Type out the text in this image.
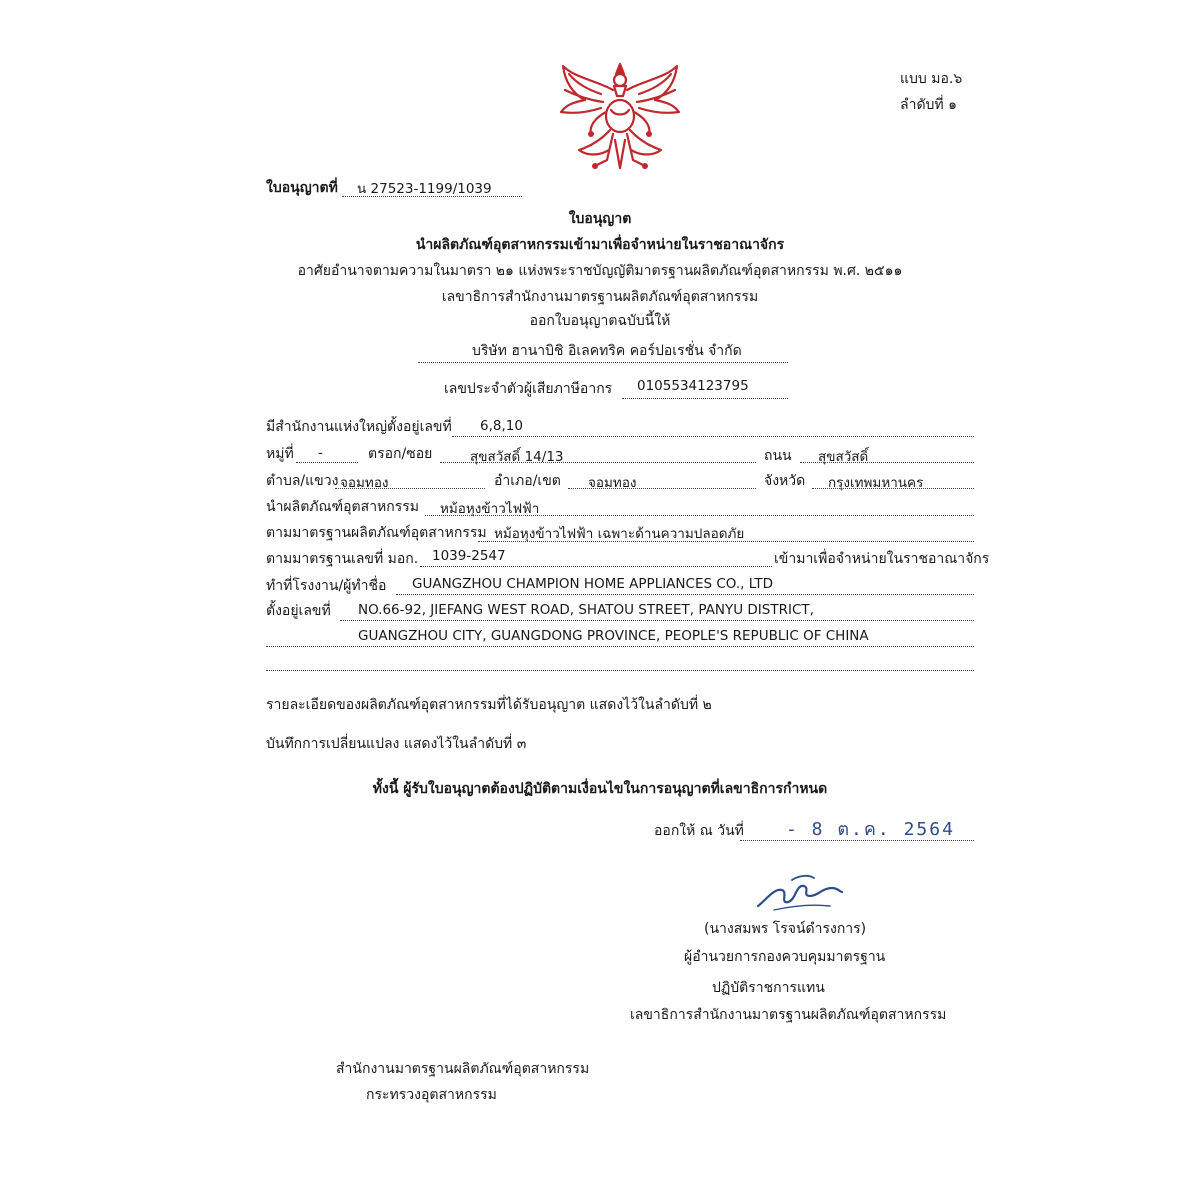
แบบ มอ.๖
ลำดับที่ ๑
ใบอนุญาตที่ น 27523-1199/1039
ใบอนุญาต
นำผลิตภัณฑ์อุตสาหกรรมเข้ามาเพื่อจำหน่ายในราชอาณาจักร
อาศัยอำนาจตามความในมาตรา ๒๑ แห่งพระราชบัญญัติมาตรฐานผลิตภัณฑ์อุตสาหกรรม พ.ศ. ๒๕๑๑
เลขาธิการสำนักงานมาตรฐานผลิตภัณฑ์อุตสาหกรรม
ออกใบอนุญาตฉบับนี้ให้
บริษัท ฮานาบิชิ อิเลคทริค คอร์ปอเรชั่น จำกัด
เลขประจำตัวผู้เสียภาษีอากร 0105534123795
มีสำนักงานแห่งใหญ่ตั้งอยู่เลขที่ 6,8,10
หมู่ที่ -	ตรอก/ซอย	สุขสวัสดิ์ 14/13	ถนน สุขสวัสดิ์
ตำบล/แขวง จอมทอง	อำเภอ/เขต จอมทอง	จังหวัด กรุงเทพมหานคร
นำผลิตภัณฑ์อุตสาหกรรม หม้อหุงข้าวไฟฟ้า
ตามมาตรฐานผลิตภัณฑ์อุตสาหกรรม หม้อหุงข้าวไฟฟ้า เฉพาะด้านความปลอดภัย
ตามมาตรฐานเลขที่ มอก. 1039-2547	เข้ามาเพื่อจำหน่ายในราชอาณาจักร
ทำที่โรงงาน/ผู้ทำชื่อ GUANGZHOU CHAMPION HOME APPLIANCES CO., LTD
ตั้งอยู่เลขที่ NO.66-92, JIEFANG WEST ROAD, SHATOU STREET, PANYU DISTRICT,
GUANGZHOU CITY, GUANGDONG PROVINCE, PEOPLE'S REPUBLIC OF CHINA
รายละเอียดของผลิตภัณฑ์อุตสาหกรรมที่ได้รับอนุญาต แสดงไว้ในลำดับที่ ๒
บันทึกการเปลี่ยนแปลง แสดงไว้ในลำดับที่ ๓
ทั้งนี้ ผู้รับใบอนุญาตต้องปฏิบัติตามเงื่อนไขในการอนุญาตที่เลขาธิการกำหนด
ออกให้ ณ วันที่ - 8 ต.ค. 2564
(นางสมพร โรจน์ดำรงการ)
ผู้อำนวยการกองควบคุมมาตรฐาน
ปฏิบัติราชการแทน
เลขาธิการสำนักงานมาตรฐานผลิตภัณฑ์อุตสาหกรรม
สำนักงานมาตรฐานผลิตภัณฑ์อุตสาหกรรม
กระทรวงอุตสาหกรรม
